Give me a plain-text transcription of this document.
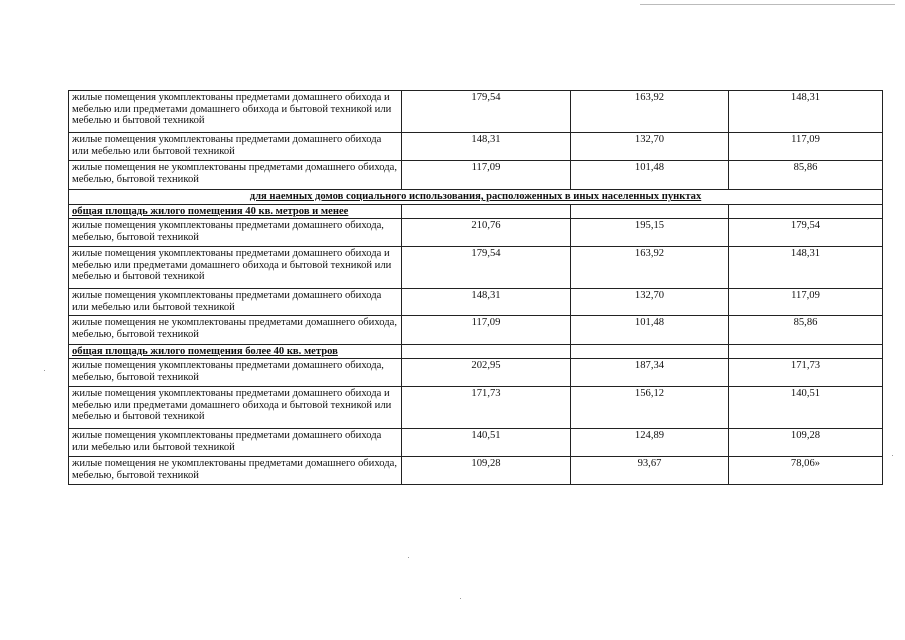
жилые помещения укомплектованы предметами домашнего обихода и мебелью или предметами домашнего обихода и бытовой техникой или мебелью и бытовой техникой	179,54	163,92	148,31
жилые помещения укомплектованы предметами домашнего обихода или мебелью или бытовой техникой	148,31	132,70	117,09
жилые помещения не укомплектованы предметами домашнего обихода, мебелью, бытовой техникой	117,09	101,48	85,86
для наемных домов социального использования, расположенных в иных населенных пунктах			
общая площадь жилого помещения 40 кв. метров и менее			
жилые помещения укомплектованы предметами домашнего обихода, мебелью, бытовой техникой	210,76	195,15	179,54
жилые помещения укомплектованы предметами домашнего обихода и мебелью или предметами домашнего обихода и бытовой техникой или мебелью и бытовой техникой	179,54	163,92	148,31
жилые помещения укомплектованы предметами домашнего обихода или мебелью или бытовой техникой	148,31	132,70	117,09
жилые помещения не укомплектованы предметами домашнего обихода, мебелью, бытовой техникой	117,09	101,48	85,86
общая площадь жилого помещения более 40 кв. метров			
жилые помещения укомплектованы предметами домашнего обихода, мебелью, бытовой техникой	202,95	187,34	171,73
жилые помещения укомплектованы предметами домашнего обихода и мебелью или предметами домашнего обихода и бытовой техникой или мебелью и бытовой техникой	171,73	156,12	140,51
жилые помещения укомплектованы предметами домашнего обихода или мебелью или бытовой техникой	140,51	124,89	109,28
жилые помещения не укомплектованы предметами домашнего обихода, мебелью, бытовой техникой	109,28	93,67	78,06»
